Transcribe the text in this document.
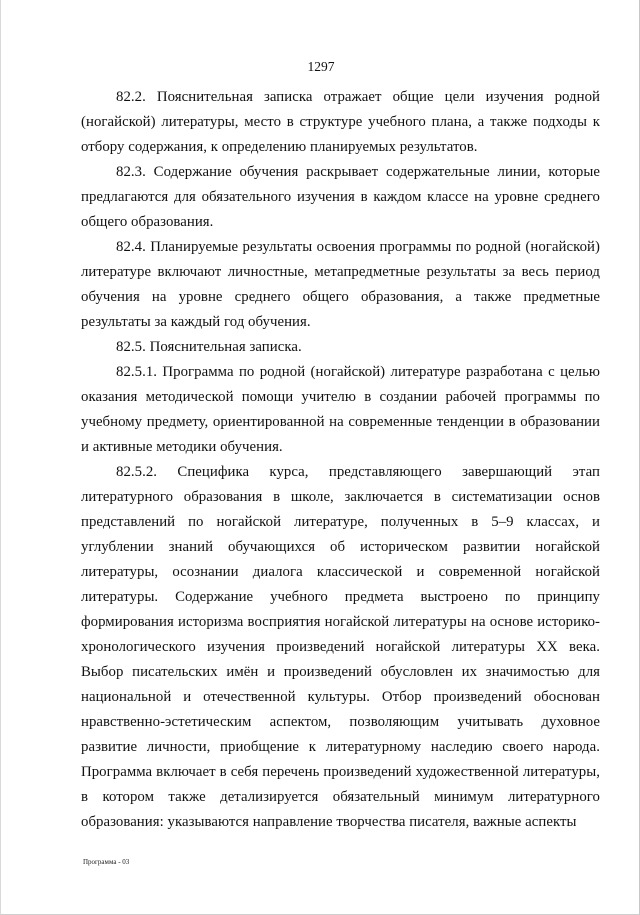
1297

82.2. Пояснительная записка отражает общие цели изучения родной (ногайской) литературы, место в структуре учебного плана, а также подходы к отбору содержания, к определению планируемых результатов.

82.3. Содержание обучения раскрывает содержательные линии, которые предлагаются для обязательного изучения в каждом классе на уровне среднего общего образования.

82.4. Планируемые результаты освоения программы по родной (ногайской) литературе включают личностные, метапредметные результаты за весь период обучения на уровне среднего общего образования, а также предметные результаты за каждый год обучения.

82.5. Пояснительная записка.

82.5.1. Программа по родной (ногайской) литературе разработана с целью оказания методической помощи учителю в создании рабочей программы по учебному предмету, ориентированной на современные тенденции в образовании и активные методики обучения.

82.5.2. Специфика курса, представляющего завершающий этап литературного образования в школе, заключается в систематизации основ представлений по ногайской литературе, полученных в 5–9 классах, и углублении знаний обучающихся об историческом развитии ногайской литературы, осознании диалога классической и современной ногайской литературы. Содержание учебного предмета выстроено по принципу формирования историзма восприятия ногайской литературы на основе историко-хронологического изучения произведений ногайской литературы XX века. Выбор писательских имён и произведений обусловлен их значимостью для национальной и отечественной культуры. Отбор произведений обоснован нравственно-эстетическим аспектом, позволяющим учитывать духовное развитие личности, приобщение к литературному наследию своего народа. Программа включает в себя перечень произведений художественной литературы, в котором также детализируется обязательный минимум литературного образования: указываются направление творчества писателя, важные аспекты

Программа - 03
